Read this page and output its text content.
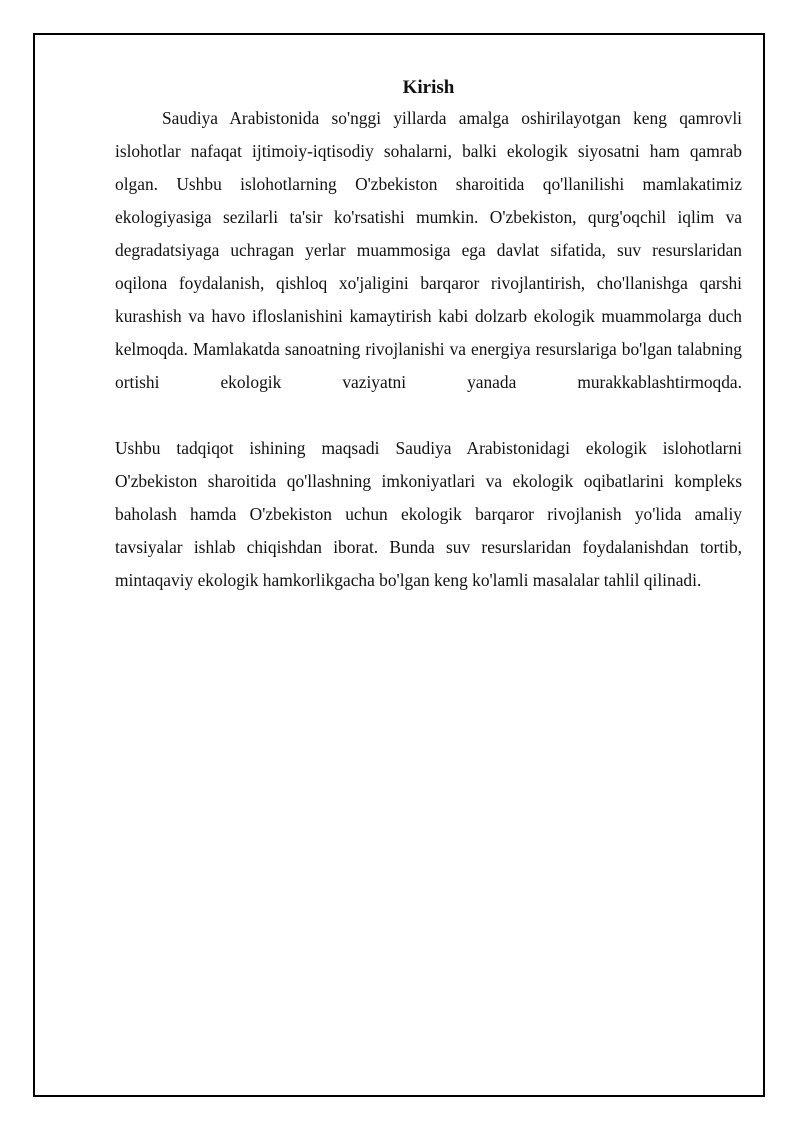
Kirish

Saudiya Arabistonida so'nggi yillarda amalga oshirilayotgan keng qamrovli islohotlar nafaqat ijtimoiy-iqtisodiy sohalarni, balki ekologik siyosatni ham qamrab olgan. Ushbu islohotlarning O'zbekiston sharoitida qo'llanilishi mamlakatimiz ekologiyasiga sezilarli ta'sir ko'rsatishi mumkin. O'zbekiston, qurg'oqchil iqlim va degradatsiyaga uchragan yerlar muammosiga ega davlat sifatida, suv resurslaridan oqilona foydalanish, qishloq xo'jaligini barqaror rivojlantirish, cho'llanishga qarshi kurashish va havo ifloslanishini kamaytirish kabi dolzarb ekologik muammolarga duch kelmoqda. Mamlakatda sanoatning rivojlanishi va energiya resurslariga bo'lgan talabning ortishi ekologik vaziyatni yanada murakkablashtirmoqda.

Ushbu tadqiqot ishining maqsadi Saudiya Arabistonidagi ekologik islohotlarni O'zbekiston sharoitida qo'llashning imkoniyatlari va ekologik oqibatlarini kompleks baholash hamda O'zbekiston uchun ekologik barqaror rivojlanish yo'lida amaliy tavsiyalar ishlab chiqishdan iborat. Bunda suv resurslaridan foydalanishdan tortib, mintaqaviy ekologik hamkorlikgacha bo'lgan keng ko'lamli masalalar tahlil qilinadi.
